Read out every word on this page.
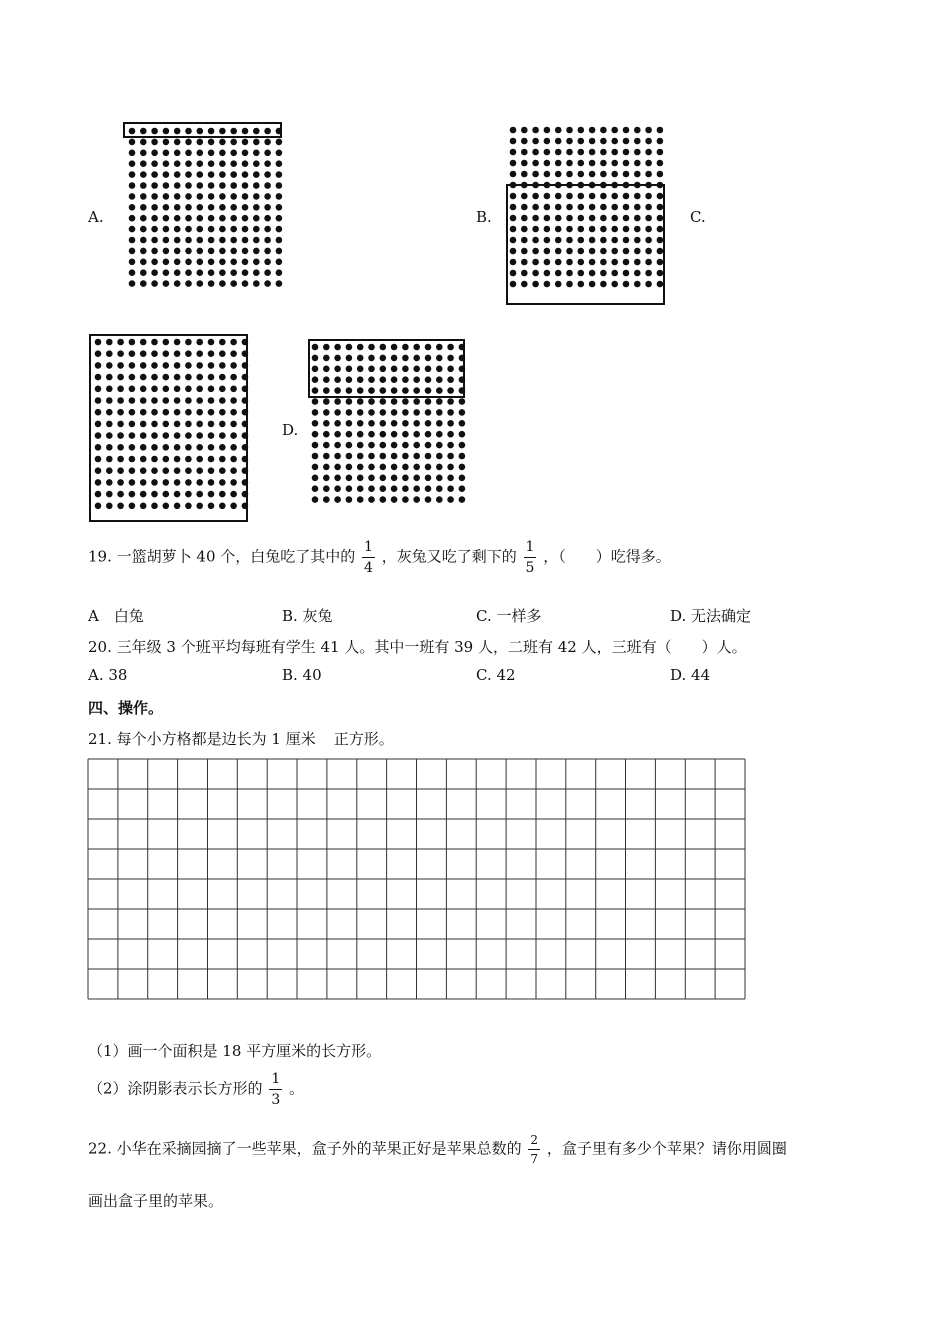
A.	B.	C.
D.
19. 一篮胡萝卜 40 个，白兔吃了其中的 $\frac{1}{4}$ ，灰兔又吃了剩下的 $\frac{1}{5}$ ，（　　）吃得多。
A　白兔	B. 灰兔	C. 一样多	D. 无法确定
20. 三年级 3 个班平均每班有学生 41 人。其中一班有 39 人，二班有 42 人，三班有（　　）人。
A. 38	B. 40	C. 42	D. 44
四、操作。
21. 每个小方格都是边长为 1 厘米 正方形。
（1）画一个面积是 18 平方厘米的长方形。
（2）涂阴影表示长方形的 $\frac{1}{3}$ 。
22. 小华在采摘园摘了一些苹果，盒子外的苹果正好是苹果总数的 $\frac{2}{7}$ ，盒子里有多少个苹果？请你用圆圈
画出盒子里的苹果。
